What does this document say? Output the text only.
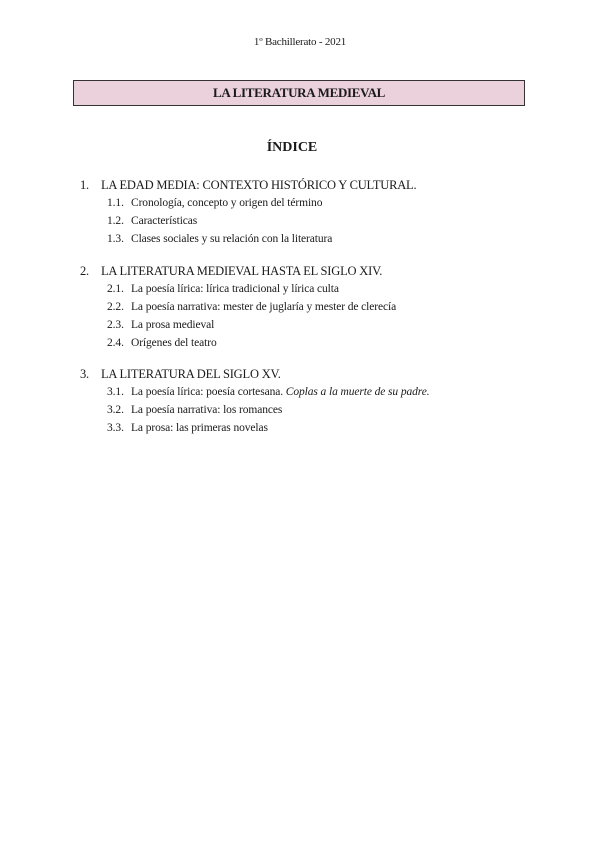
1º Bachillerato - 2021
LA LITERATURA MEDIEVAL
ÍNDICE
1. LA EDAD MEDIA: CONTEXTO HISTÓRICO Y CULTURAL.
1.1. Cronología, concepto y origen del término
1.2. Características
1.3. Clases sociales y su relación con la literatura
2. LA LITERATURA MEDIEVAL HASTA EL SIGLO XIV.
2.1. La poesía lírica: lírica tradicional y lírica culta
2.2. La poesía narrativa: mester de juglaría y mester de clerecía
2.3. La prosa medieval
2.4. Orígenes del teatro
3. LA LITERATURA DEL SIGLO XV.
3.1. La poesía lírica: poesía cortesana. Coplas a la muerte de su padre.
3.2. La poesía narrativa: los romances
3.3. La prosa: las primeras novelas
